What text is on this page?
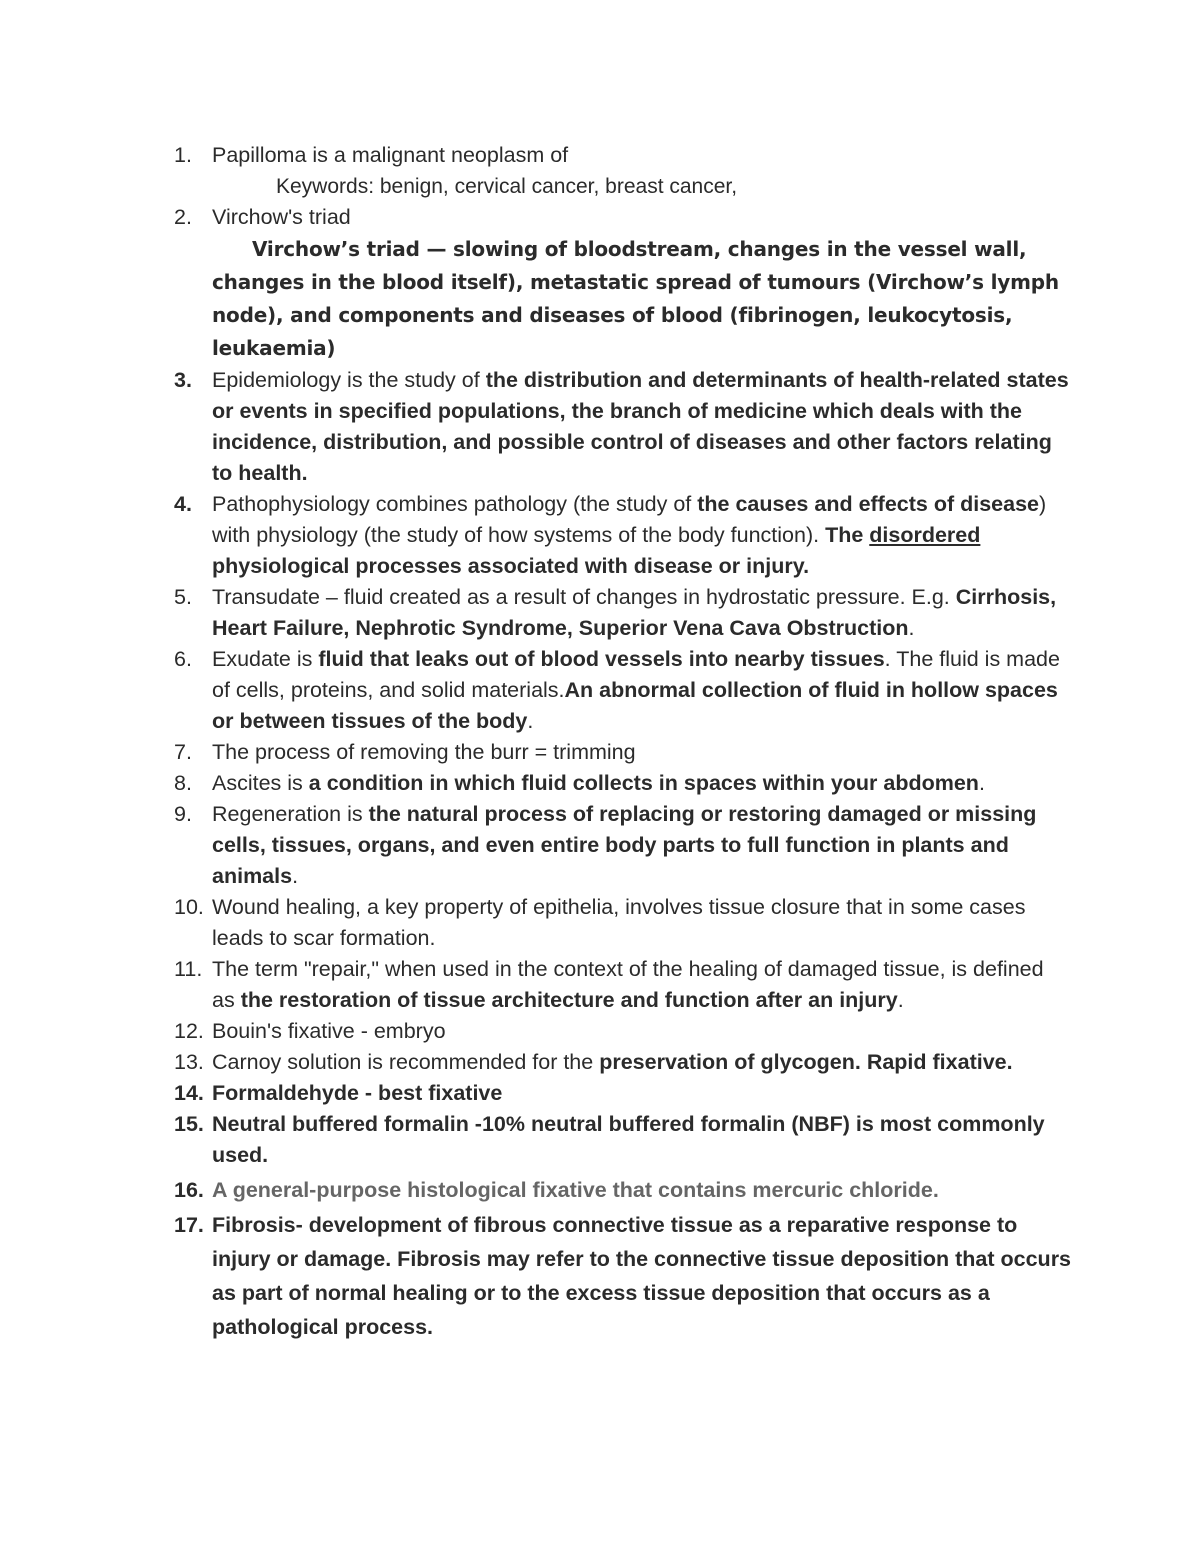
1. Papilloma is a malignant neoplasm of
Keywords: benign, cervical cancer, breast cancer,
2. Virchow's triad
Virchow’s triad — slowing of bloodstream, changes in the vessel wall,
changes in the blood itself), metastatic spread of tumours (Virchow’s lymph node), and components and diseases of blood (fibrinogen, leukocytosis, leukaemia)
3. Epidemiology is the study of the distribution and determinants of health-related states or events in specified populations, the branch of medicine which deals with the incidence, distribution, and possible control of diseases and other factors relating to health.
4. Pathophysiology combines pathology (the study of the causes and effects of disease) with physiology (the study of how systems of the body function). The disordered physiological processes associated with disease or injury.
5. Transudate – fluid created as a result of changes in hydrostatic pressure. E.g. Cirrhosis, Heart Failure, Nephrotic Syndrome, Superior Vena Cava Obstruction.
6. Exudate is fluid that leaks out of blood vessels into nearby tissues. The fluid is made of cells, proteins, and solid materials.An abnormal collection of fluid in hollow spaces or between tissues of the body.
7. The process of removing the burr = trimming
8. Ascites is a condition in which fluid collects in spaces within your abdomen.
9. Regeneration is the natural process of replacing or restoring damaged or missing cells, tissues, organs, and even entire body parts to full function in plants and animals.
10. Wound healing, a key property of epithelia, involves tissue closure that in some cases leads to scar formation.
11. The term "repair," when used in the context of the healing of damaged tissue, is defined as the restoration of tissue architecture and function after an injury.
12. Bouin's fixative - embryo
13. Carnoy solution is recommended for the preservation of glycogen. Rapid fixative.
14. Formaldehyde - best fixative
15. Neutral buffered formalin -10% neutral buffered formalin (NBF) is most commonly used.
16. A general-purpose histological fixative that contains mercuric chloride.
17. Fibrosis- development of fibrous connective tissue as a reparative response to injury or damage. Fibrosis may refer to the connective tissue deposition that occurs as part of normal healing or to the excess tissue deposition that occurs as a pathological process.
